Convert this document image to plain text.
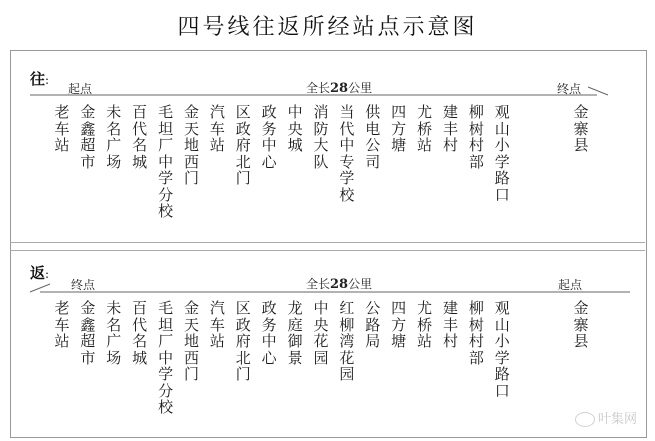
四号线往返所经站点示意图
往:
起点	全长28公里	终点
老车站
金鑫超市
未名广场
百代名城
毛坦厂中学分校
金天地西门
汽车站
区政府北门
政务中心
中央城
消防大队
当代中专学校
供电公司
四方塘
尤桥站
建丰村
柳树村部
观山小学路口
金寨县
返:
终点	全长28公里	起点
老车站
金鑫超市
未名广场
百代名城
毛坦厂中学分校
金天地西门
汽车站
区政府北门
政务中心
龙庭御景
中央花园
红柳湾花园
公路局
四方塘
尤桥站
建丰村
柳树村部
观山小学路口
金寨县
叶集网
